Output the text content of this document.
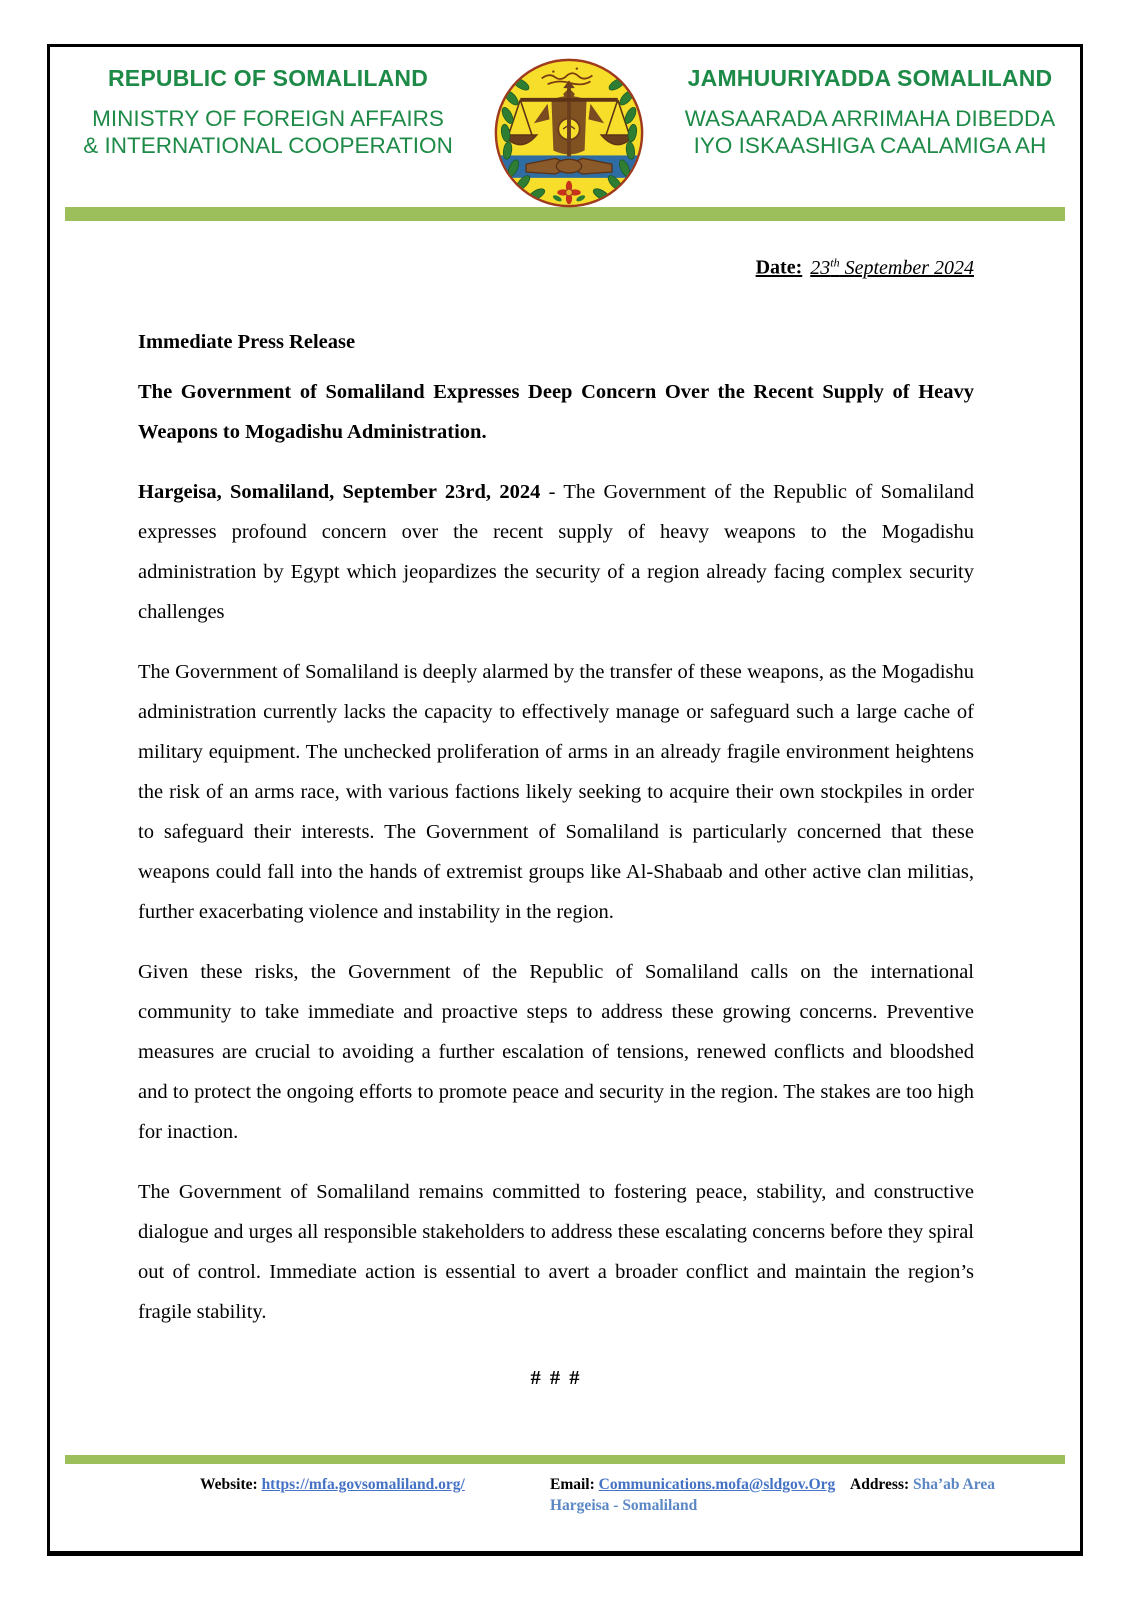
REPUBLIC OF SOMALILAND
MINISTRY OF FOREIGN AFFAIRS
& INTERNATIONAL COOPERATION
JAMHUURIYADDA SOMALILAND
WASAARADA ARRIMAHA DIBEDDA
IYO ISKAASHIGA CAALAMIGA AH
Date: 23th September 2024

Immediate Press Release

The Government of Somaliland Expresses Deep Concern Over the Recent Supply of Heavy Weapons to Mogadishu Administration.

Hargeisa, Somaliland, September 23rd, 2024 - The Government of the Republic of Somaliland expresses profound concern over the recent supply of heavy weapons to the Mogadishu administration by Egypt which jeopardizes the security of a region already facing complex security challenges

The Government of Somaliland is deeply alarmed by the transfer of these weapons, as the Mogadishu administration currently lacks the capacity to effectively manage or safeguard such a large cache of military equipment. The unchecked proliferation of arms in an already fragile environment heightens the risk of an arms race, with various factions likely seeking to acquire their own stockpiles in order to safeguard their interests. The Government of Somaliland is particularly concerned that these weapons could fall into the hands of extremist groups like Al-Shabaab and other active clan militias, further exacerbating violence and instability in the region.

Given these risks, the Government of the Republic of Somaliland calls on the international community to take immediate and proactive steps to address these growing concerns. Preventive measures are crucial to avoiding a further escalation of tensions, renewed conflicts and bloodshed and to protect the ongoing efforts to promote peace and security in the region. The stakes are too high for inaction.

The Government of Somaliland remains committed to fostering peace, stability, and constructive dialogue and urges all responsible stakeholders to address these escalating concerns before they spiral out of control. Immediate action is essential to avert a broader conflict and maintain the region’s fragile stability.

# # #

Website: https://mfa.govsomaliland.org/	Email: Communications.mofa@sldgov.Org
Hargeisa - Somaliland
Address: Sha’ab Area
